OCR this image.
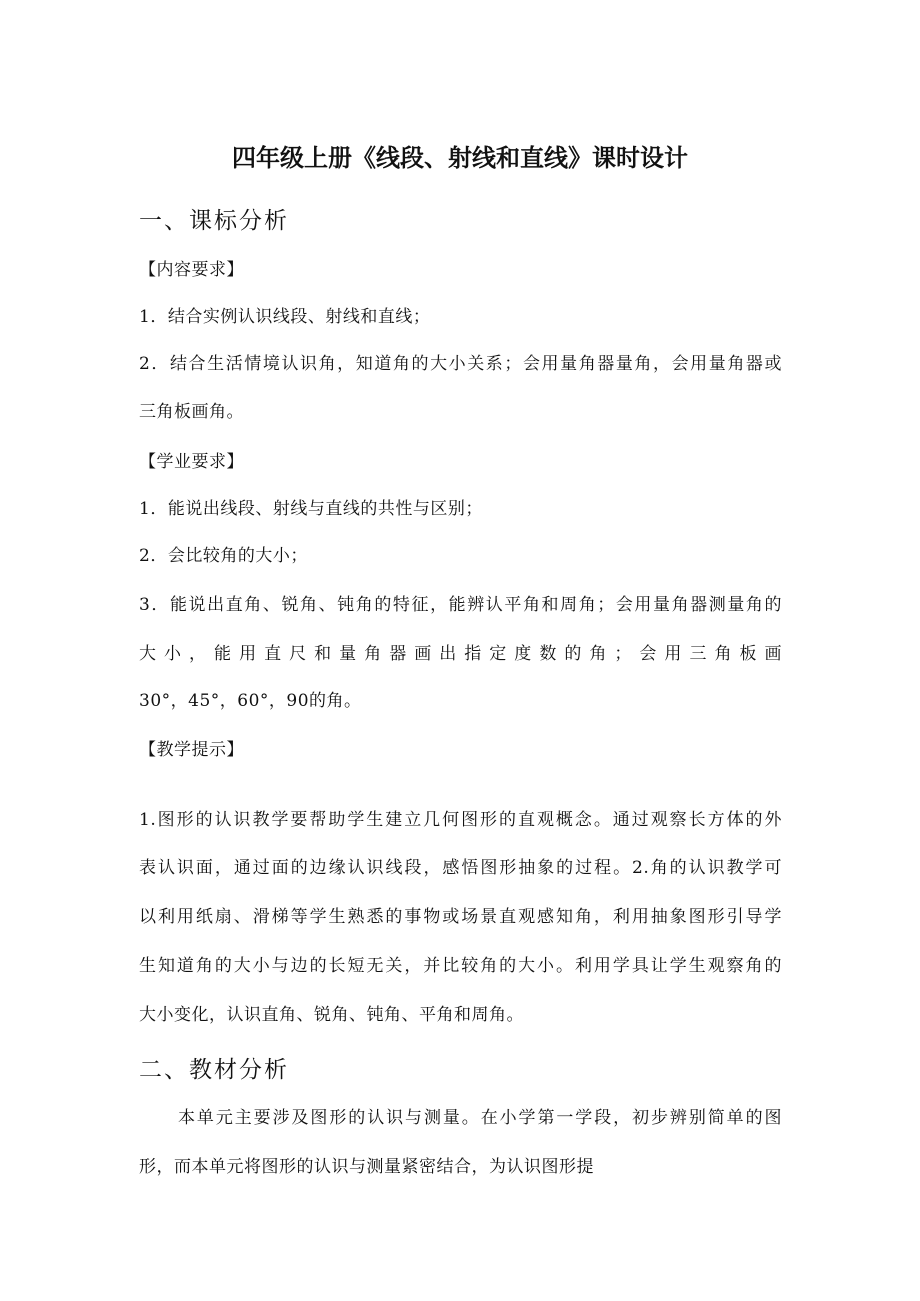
四年级上册《线段、射线和直线》课时设计
一、课标分析
【内容要求】
1．结合实例认识线段、射线和直线；
2．结合生活情境认识角，知道角的大小关系；会用量角器量角，会用量角器或
三角板画角。
【学业要求】
1．能说出线段、射线与直线的共性与区别；
2．会比较角的大小；
3．能说出直角、锐角、钝角的特征，能辨认平角和周角；会用量角器测量角的
大小，能用直尺和量角器画出指定度数的角；会用三角板画
30°，45°，60°，90的角。
【教学提示】
1.图形的认识教学要帮助学生建立几何图形的直观概念。通过观察长方体的外
表认识面，通过面的边缘认识线段，感悟图形抽象的过程。2.角的认识教学可
以利用纸扇、滑梯等学生熟悉的事物或场景直观感知角，利用抽象图形引导学
生知道角的大小与边的长短无关，并比较角的大小。利用学具让学生观察角的
大小变化，认识直角、锐角、钝角、平角和周角。
二、教材分析
本单元主要涉及图形的认识与测量。在小学第一学段，初步辨别简单的图
形，而本单元将图形的认识与测量紧密结合，为认识图形提
